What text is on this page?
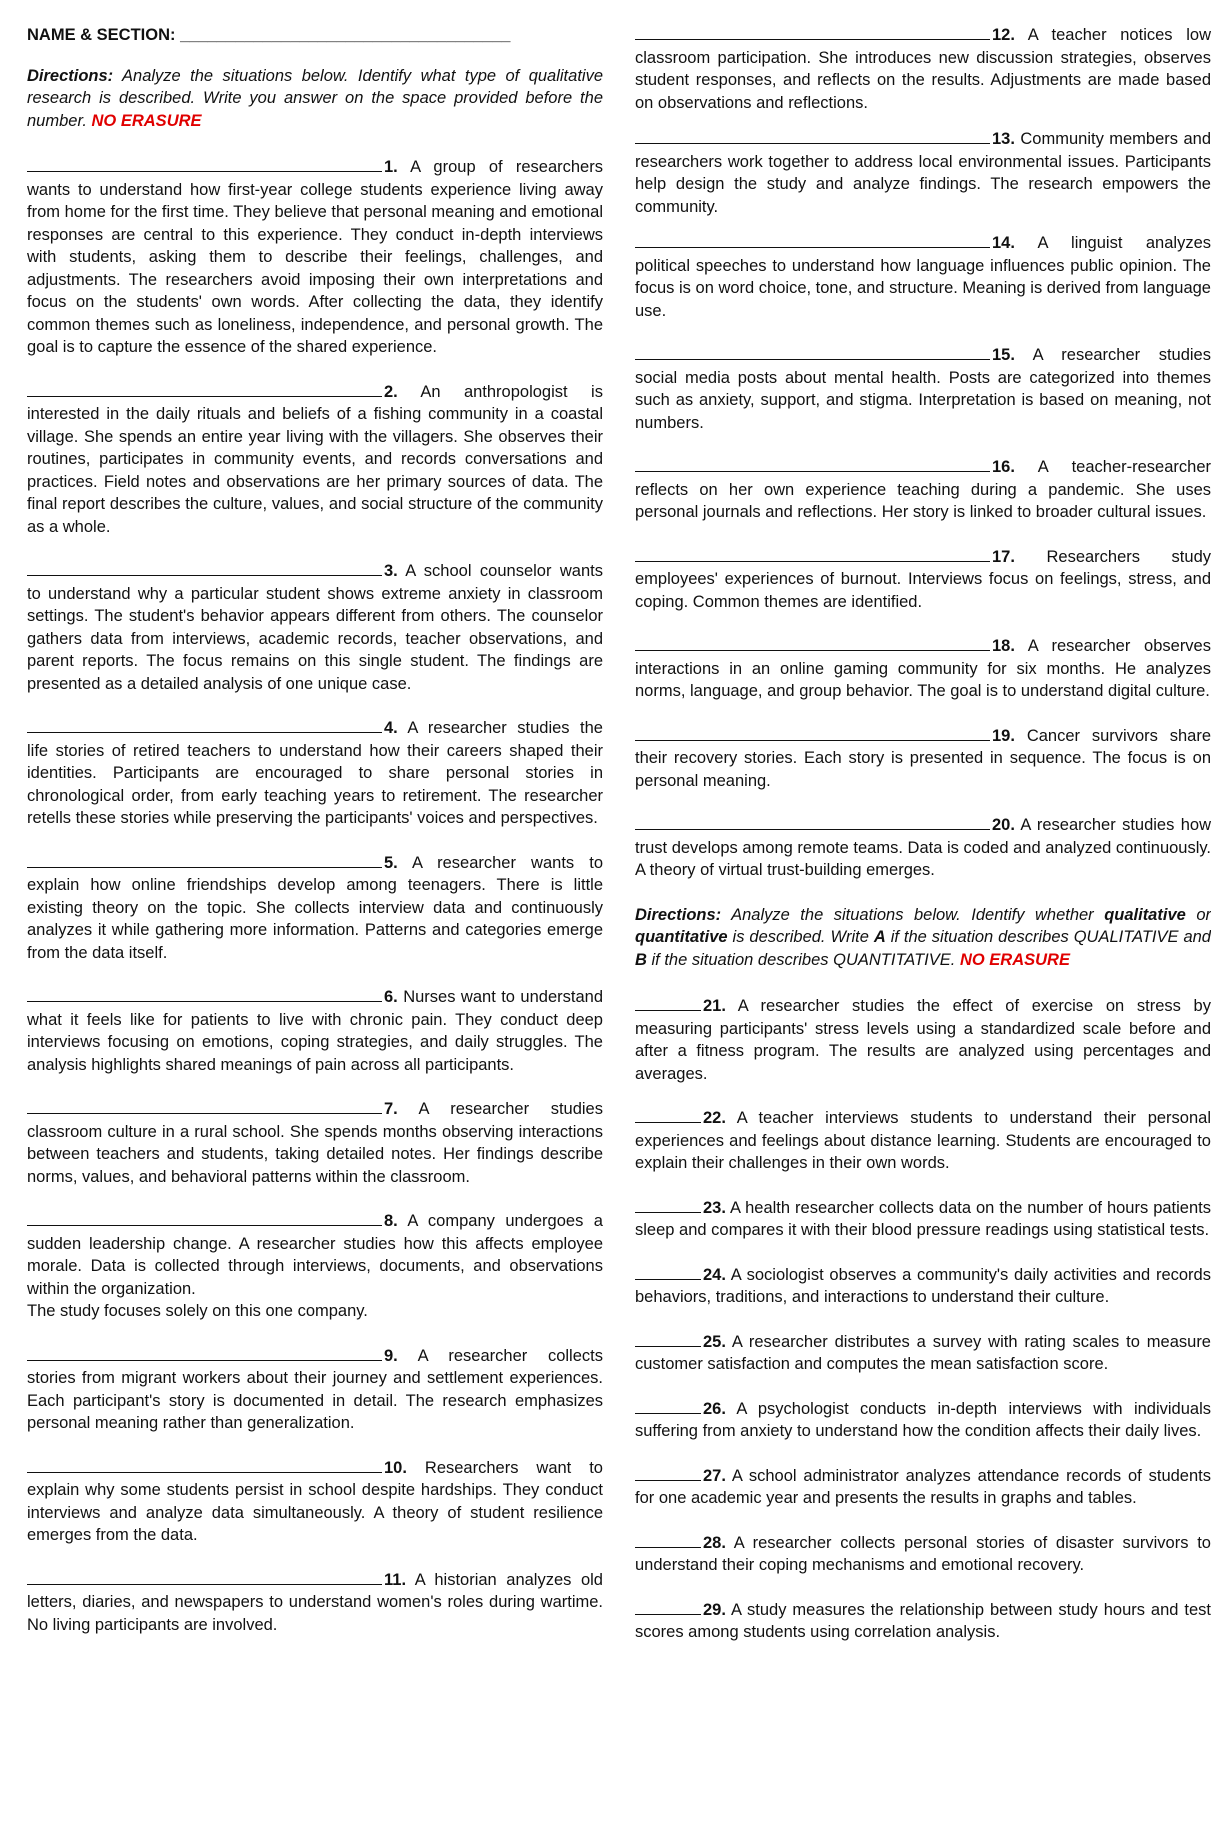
NAME & SECTION: ____________________________________
Directions: Analyze the situations below. Identify what type of qualitative research is described. Write you answer on the space provided before the number. NO ERASURE
1. A group of researchers wants to understand how first-year college students experience living away from home for the first time. They believe that personal meaning and emotional responses are central to this experience. They conduct in-depth interviews with students, asking them to describe their feelings, challenges, and adjustments. The researchers avoid imposing their own interpretations and focus on the students' own words. After collecting the data, they identify common themes such as loneliness, independence, and personal growth. The goal is to capture the essence of the shared experience.
2. An anthropologist is interested in the daily rituals and beliefs of a fishing community in a coastal village. She spends an entire year living with the villagers. She observes their routines, participates in community events, and records conversations and practices. Field notes and observations are her primary sources of data. The final report describes the culture, values, and social structure of the community as a whole.
3. A school counselor wants to understand why a particular student shows extreme anxiety in classroom settings. The student's behavior appears different from others. The counselor gathers data from interviews, academic records, teacher observations, and parent reports. The focus remains on this single student. The findings are presented as a detailed analysis of one unique case.
4. A researcher studies the life stories of retired teachers to understand how their careers shaped their identities. Participants are encouraged to share personal stories in chronological order, from early teaching years to retirement. The researcher retells these stories while preserving the participants' voices and perspectives.
5. A researcher wants to explain how online friendships develop among teenagers. There is little existing theory on the topic. She collects interview data and continuously analyzes it while gathering more information. Patterns and categories emerge from the data itself.
6. Nurses want to understand what it feels like for patients to live with chronic pain. They conduct deep interviews focusing on emotions, coping strategies, and daily struggles. The analysis highlights shared meanings of pain across all participants.
7. A researcher studies classroom culture in a rural school. She spends months observing interactions between teachers and students, taking detailed notes. Her findings describe norms, values, and behavioral patterns within the classroom.
8. A company undergoes a sudden leadership change. A researcher studies how this affects employee morale. Data is collected through interviews, documents, and observations within the organization.
The study focuses solely on this one company.
9. A researcher collects stories from migrant workers about their journey and settlement experiences. Each participant's story is documented in detail. The research emphasizes personal meaning rather than generalization.
10. Researchers want to explain why some students persist in school despite hardships. They conduct interviews and analyze data simultaneously. A theory of student resilience emerges from the data.
11. A historian analyzes old letters, diaries, and newspapers to understand women's roles during wartime. No living participants are involved.
12. A teacher notices low classroom participation. She introduces new discussion strategies, observes student responses, and reflects on the results. Adjustments are made based on observations and reflections.
13. Community members and researchers work together to address local environmental issues. Participants help design the study and analyze findings. The research empowers the community.
14. A linguist analyzes political speeches to understand how language influences public opinion. The focus is on word choice, tone, and structure. Meaning is derived from language use.
15. A researcher studies social media posts about mental health. Posts are categorized into themes such as anxiety, support, and stigma. Interpretation is based on meaning, not numbers.
16. A teacher-researcher reflects on her own experience teaching during a pandemic. She uses personal journals and reflections. Her story is linked to broader cultural issues.
17. Researchers study employees' experiences of burnout. Interviews focus on feelings, stress, and coping. Common themes are identified.
18. A researcher observes interactions in an online gaming community for six months. He analyzes norms, language, and group behavior. The goal is to understand digital culture.
19. Cancer survivors share their recovery stories. Each story is presented in sequence. The focus is on personal meaning.
20. A researcher studies how trust develops among remote teams. Data is coded and analyzed continuously. A theory of virtual trust-building emerges.
Directions: Analyze the situations below. Identify whether qualitative or quantitative is described. Write A if the situation describes QUALITATIVE and B if the situation describes QUANTITATIVE. NO ERASURE
21. A researcher studies the effect of exercise on stress by measuring participants' stress levels using a standardized scale before and after a fitness program. The results are analyzed using percentages and averages.
22. A teacher interviews students to understand their personal experiences and feelings about distance learning. Students are encouraged to explain their challenges in their own words.
23. A health researcher collects data on the number of hours patients sleep and compares it with their blood pressure readings using statistical tests.
24. A sociologist observes a community's daily activities and records behaviors, traditions, and interactions to understand their culture.
25. A researcher distributes a survey with rating scales to measure customer satisfaction and computes the mean satisfaction score.
26. A psychologist conducts in-depth interviews with individuals suffering from anxiety to understand how the condition affects their daily lives.
27. A school administrator analyzes attendance records of students for one academic year and presents the results in graphs and tables.
28. A researcher collects personal stories of disaster survivors to understand their coping mechanisms and emotional recovery.
29. A study measures the relationship between study hours and test scores among students using correlation analysis.
